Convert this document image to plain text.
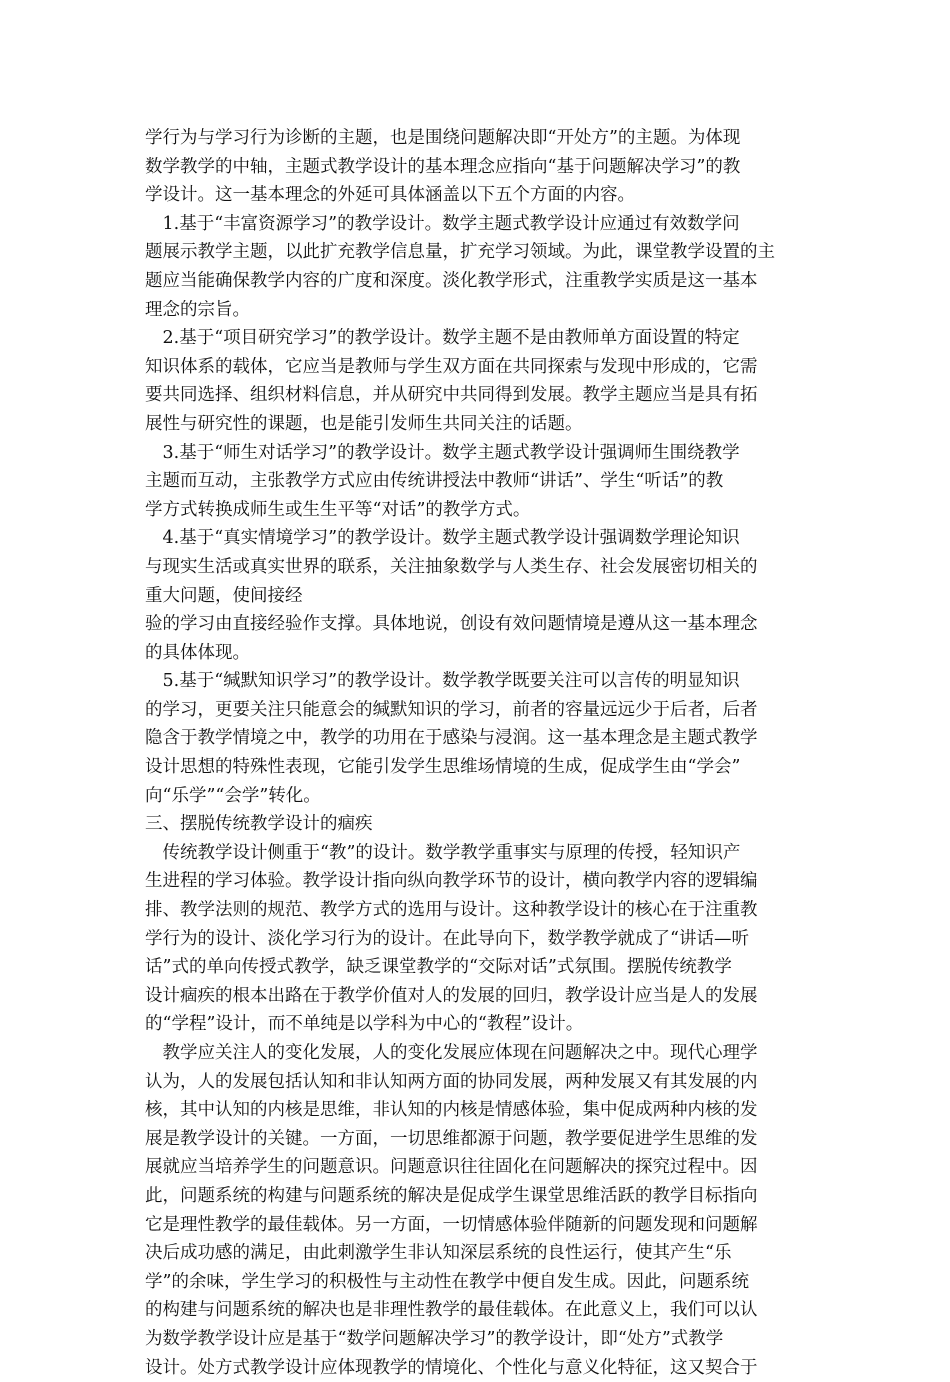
学行为与学习行为诊断的主题，也是围绕问题解决即“开处方”的主题。为体现
数学教学的中轴，主题式教学设计的基本理念应指向“基于问题解决学习”的教
学设计。这一基本理念的外延可具体涵盖以下五个方面的内容。
　1.基于“丰富资源学习”的教学设计。数学主题式教学设计应通过有效数学问
题展示教学主题，以此扩充教学信息量，扩充学习领域。为此，课堂教学设置的主
题应当能确保教学内容的广度和深度。淡化教学形式，注重教学实质是这一基本
理念的宗旨。
　2.基于“项目研究学习”的教学设计。数学主题不是由教师单方面设置的特定
知识体系的载体，它应当是教师与学生双方面在共同探索与发现中形成的，它需
要共同选择、组织材料信息，并从研究中共同得到发展。教学主题应当是具有拓
展性与研究性的课题，也是能引发师生共同关注的话题。
　3.基于“师生对话学习”的教学设计。数学主题式教学设计强调师生围绕教学
主题而互动，主张教学方式应由传统讲授法中教师“讲话”、学生“听话”的教
学方式转换成师生或生生平等“对话”的教学方式。
　4.基于“真实情境学习”的教学设计。数学主题式教学设计强调数学理论知识
与现实生活或真实世界的联系，关注抽象数学与人类生存、社会发展密切相关的
重大问题，使间接经
验的学习由直接经验作支撑。具体地说，创设有效问题情境是遵从这一基本理念
的具体体现。
　5.基于“缄默知识学习”的教学设计。数学教学既要关注可以言传的明显知识
的学习，更要关注只能意会的缄默知识的学习，前者的容量远远少于后者，后者
隐含于教学情境之中，教学的功用在于感染与浸润。这一基本理念是主题式教学
设计思想的特殊性表现，它能引发学生思维场情境的生成，促成学生由“学会”
向“乐学”“会学”转化。
三、摆脱传统教学设计的痼疾
　传统教学设计侧重于“教”的设计。数学教学重事实与原理的传授，轻知识产
生进程的学习体验。教学设计指向纵向教学环节的设计，横向教学内容的逻辑编
排、教学法则的规范、教学方式的选用与设计。这种教学设计的核心在于注重教
学行为的设计、淡化学习行为的设计。在此导向下，数学教学就成了“讲话—听
话”式的单向传授式教学，缺乏课堂教学的“交际对话”式氛围。摆脱传统教学
设计痼疾的根本出路在于教学价值对人的发展的回归，教学设计应当是人的发展
的“学程”设计，而不单纯是以学科为中心的“教程”设计。
　教学应关注人的变化发展，人的变化发展应体现在问题解决之中。现代心理学
认为，人的发展包括认知和非认知两方面的协同发展，两种发展又有其发展的内
核，其中认知的内核是思维，非认知的内核是情感体验，集中促成两种内核的发
展是教学设计的关键。一方面，一切思维都源于问题，教学要促进学生思维的发
展就应当培养学生的问题意识。问题意识往往固化在问题解决的探究过程中。因
此，问题系统的构建与问题系统的解决是促成学生课堂思维活跃的教学目标指向
它是理性教学的最佳载体。另一方面，一切情感体验伴随新的问题发现和问题解
决后成功感的满足，由此刺激学生非认知深层系统的良性运行，使其产生“乐
学”的余味，学生学习的积极性与主动性在教学中便自发生成。因此，问题系统
的构建与问题系统的解决也是非理性教学的最佳载体。在此意义上，我们可以认
为数学教学设计应是基于“数学问题解决学习”的教学设计，即“处方”式教学
设计。处方式教学设计应体现教学的情境化、个性化与意义化特征，这又契合于
